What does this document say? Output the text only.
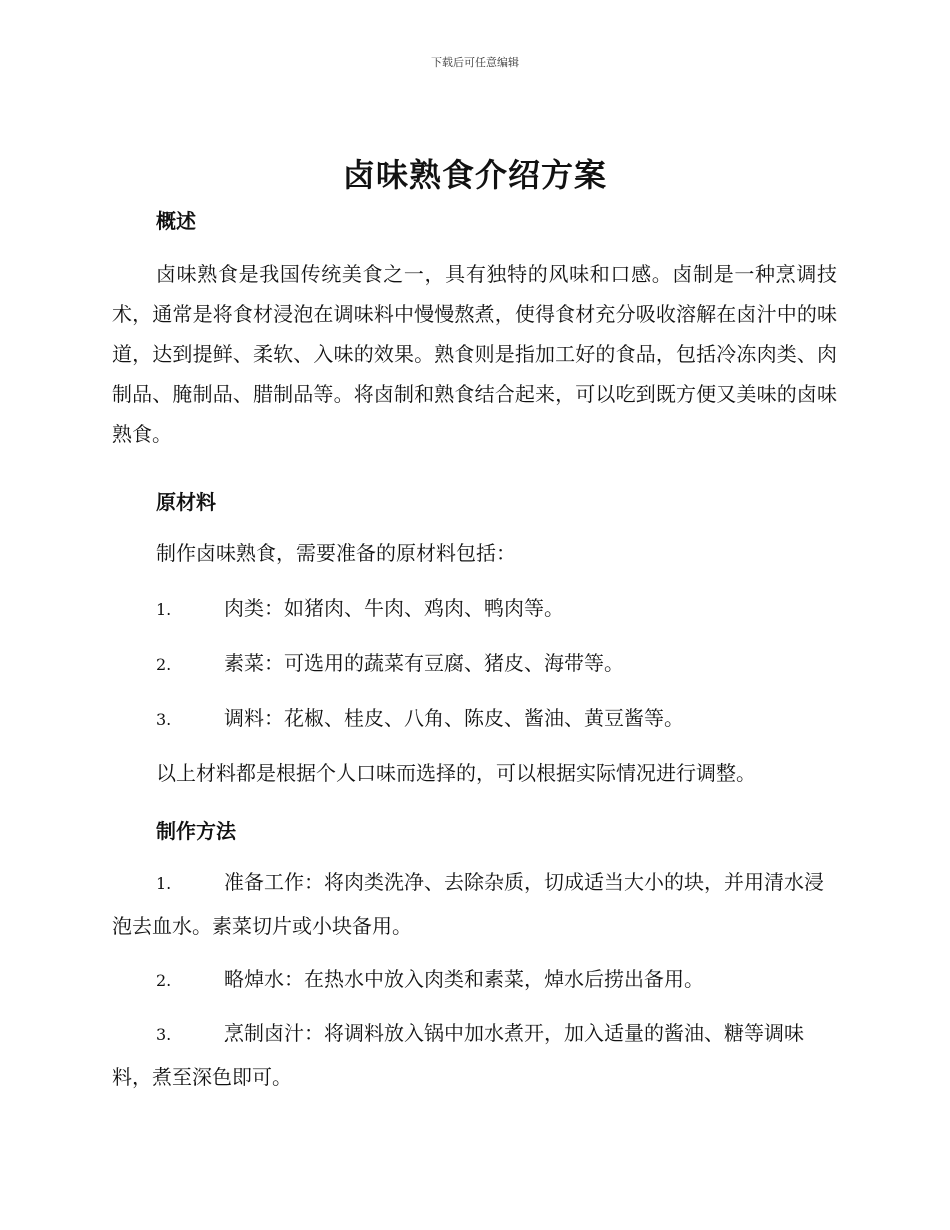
下载后可任意编辑
卤味熟食介绍方案

概述

卤味熟食是我国传统美食之一，具有独特的风味和口感。卤制是一种烹调技术，通常是将食材浸泡在调味料中慢慢熬煮，使得食材充分吸收溶解在卤汁中的味道，达到提鲜、柔软、入味的效果。熟食则是指加工好的食品，包括冷冻肉类、肉制品、腌制品、腊制品等。将卤制和熟食结合起来，可以吃到既方便又美味的卤味熟食。

原材料

制作卤味熟食，需要准备的原材料包括：

1.	肉类：如猪肉、牛肉、鸡肉、鸭肉等。

2.	素菜：可选用的蔬菜有豆腐、猪皮、海带等。

3.	调料：花椒、桂皮、八角、陈皮、酱油、黄豆酱等。

以上材料都是根据个人口味而选择的，可以根据实际情况进行调整。

制作方法

1.	准备工作：将肉类洗净、去除杂质，切成适当大小的块，并用清水浸泡去血水。素菜切片或小块备用。

2.	略焯水：在热水中放入肉类和素菜，焯水后捞出备用。

3.	烹制卤汁：将调料放入锅中加水煮开，加入适量的酱油、糖等调味料，煮至深色即可。
